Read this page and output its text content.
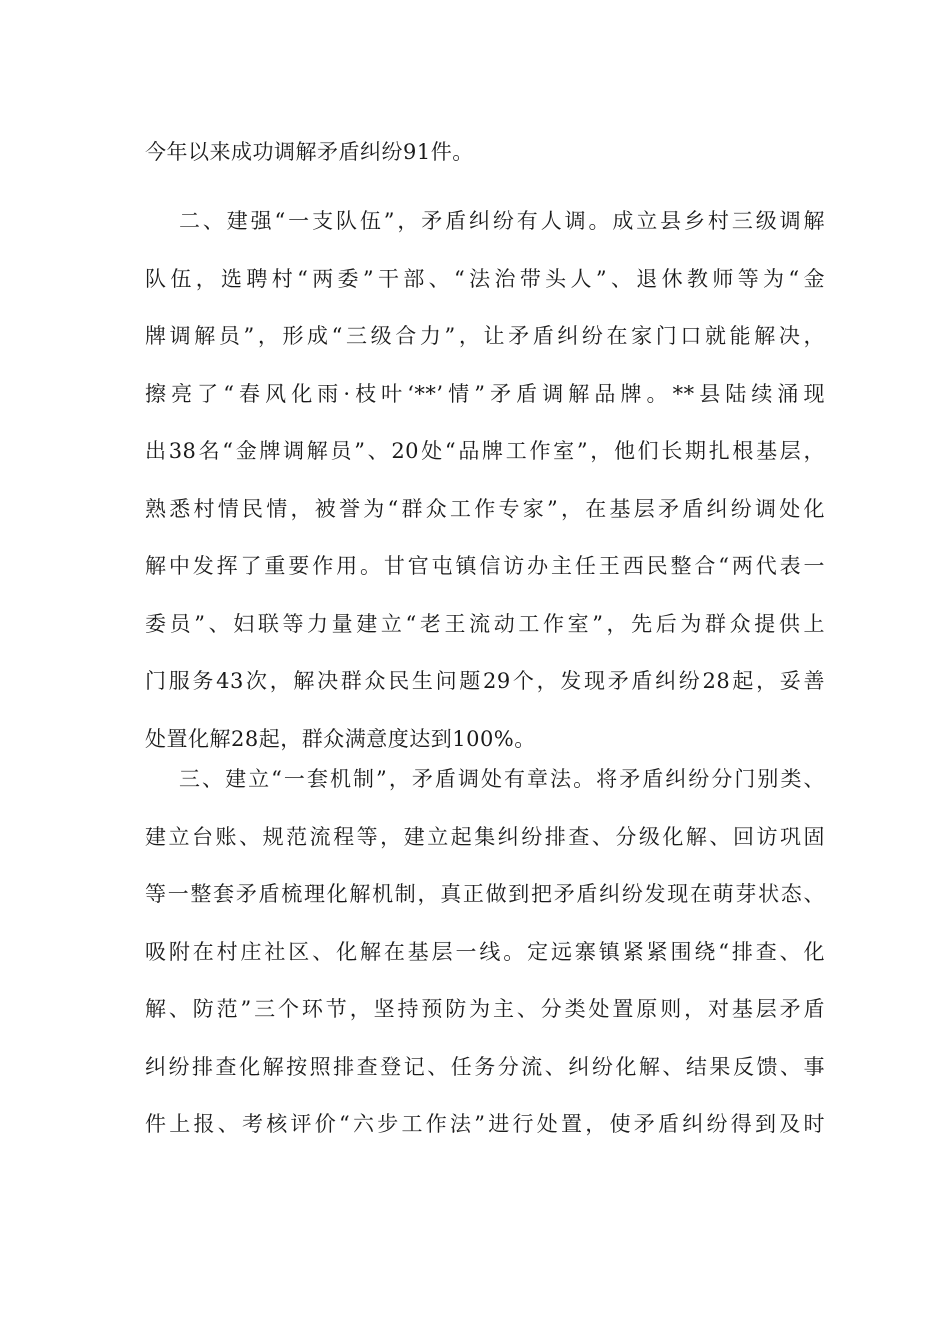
今年以来成功调解矛盾纠纷91件。
二、建强“一支队伍”，矛盾纠纷有人调。成立县乡村三级调解
队伍，选聘村“两委”干部、“法治带头人”、退休教师等为“金
牌调解员”，形成“三级合力”，让矛盾纠纷在家门口就能解决，
擦亮了“春风化雨·枝叶‘**’情”矛盾调解品牌。**县陆续涌现
出38名“金牌调解员”、20处“品牌工作室”，他们长期扎根基层，
熟悉村情民情，被誉为“群众工作专家”，在基层矛盾纠纷调处化
解中发挥了重要作用。甘官屯镇信访办主任王西民整合“两代表一
委员”、妇联等力量建立“老王流动工作室”，先后为群众提供上
门服务43次，解决群众民生问题29个，发现矛盾纠纷28起，妥善
处置化解28起，群众满意度达到100%。
三、建立“一套机制”，矛盾调处有章法。将矛盾纠纷分门别类、
建立台账、规范流程等，建立起集纠纷排查、分级化解、回访巩固
等一整套矛盾梳理化解机制，真正做到把矛盾纠纷发现在萌芽状态、
吸附在村庄社区、化解在基层一线。定远寨镇紧紧围绕“排查、化
解、防范”三个环节，坚持预防为主、分类处置原则，对基层矛盾
纠纷排查化解按照排查登记、任务分流、纠纷化解、结果反馈、事
件上报、考核评价“六步工作法”进行处置，使矛盾纠纷得到及时
